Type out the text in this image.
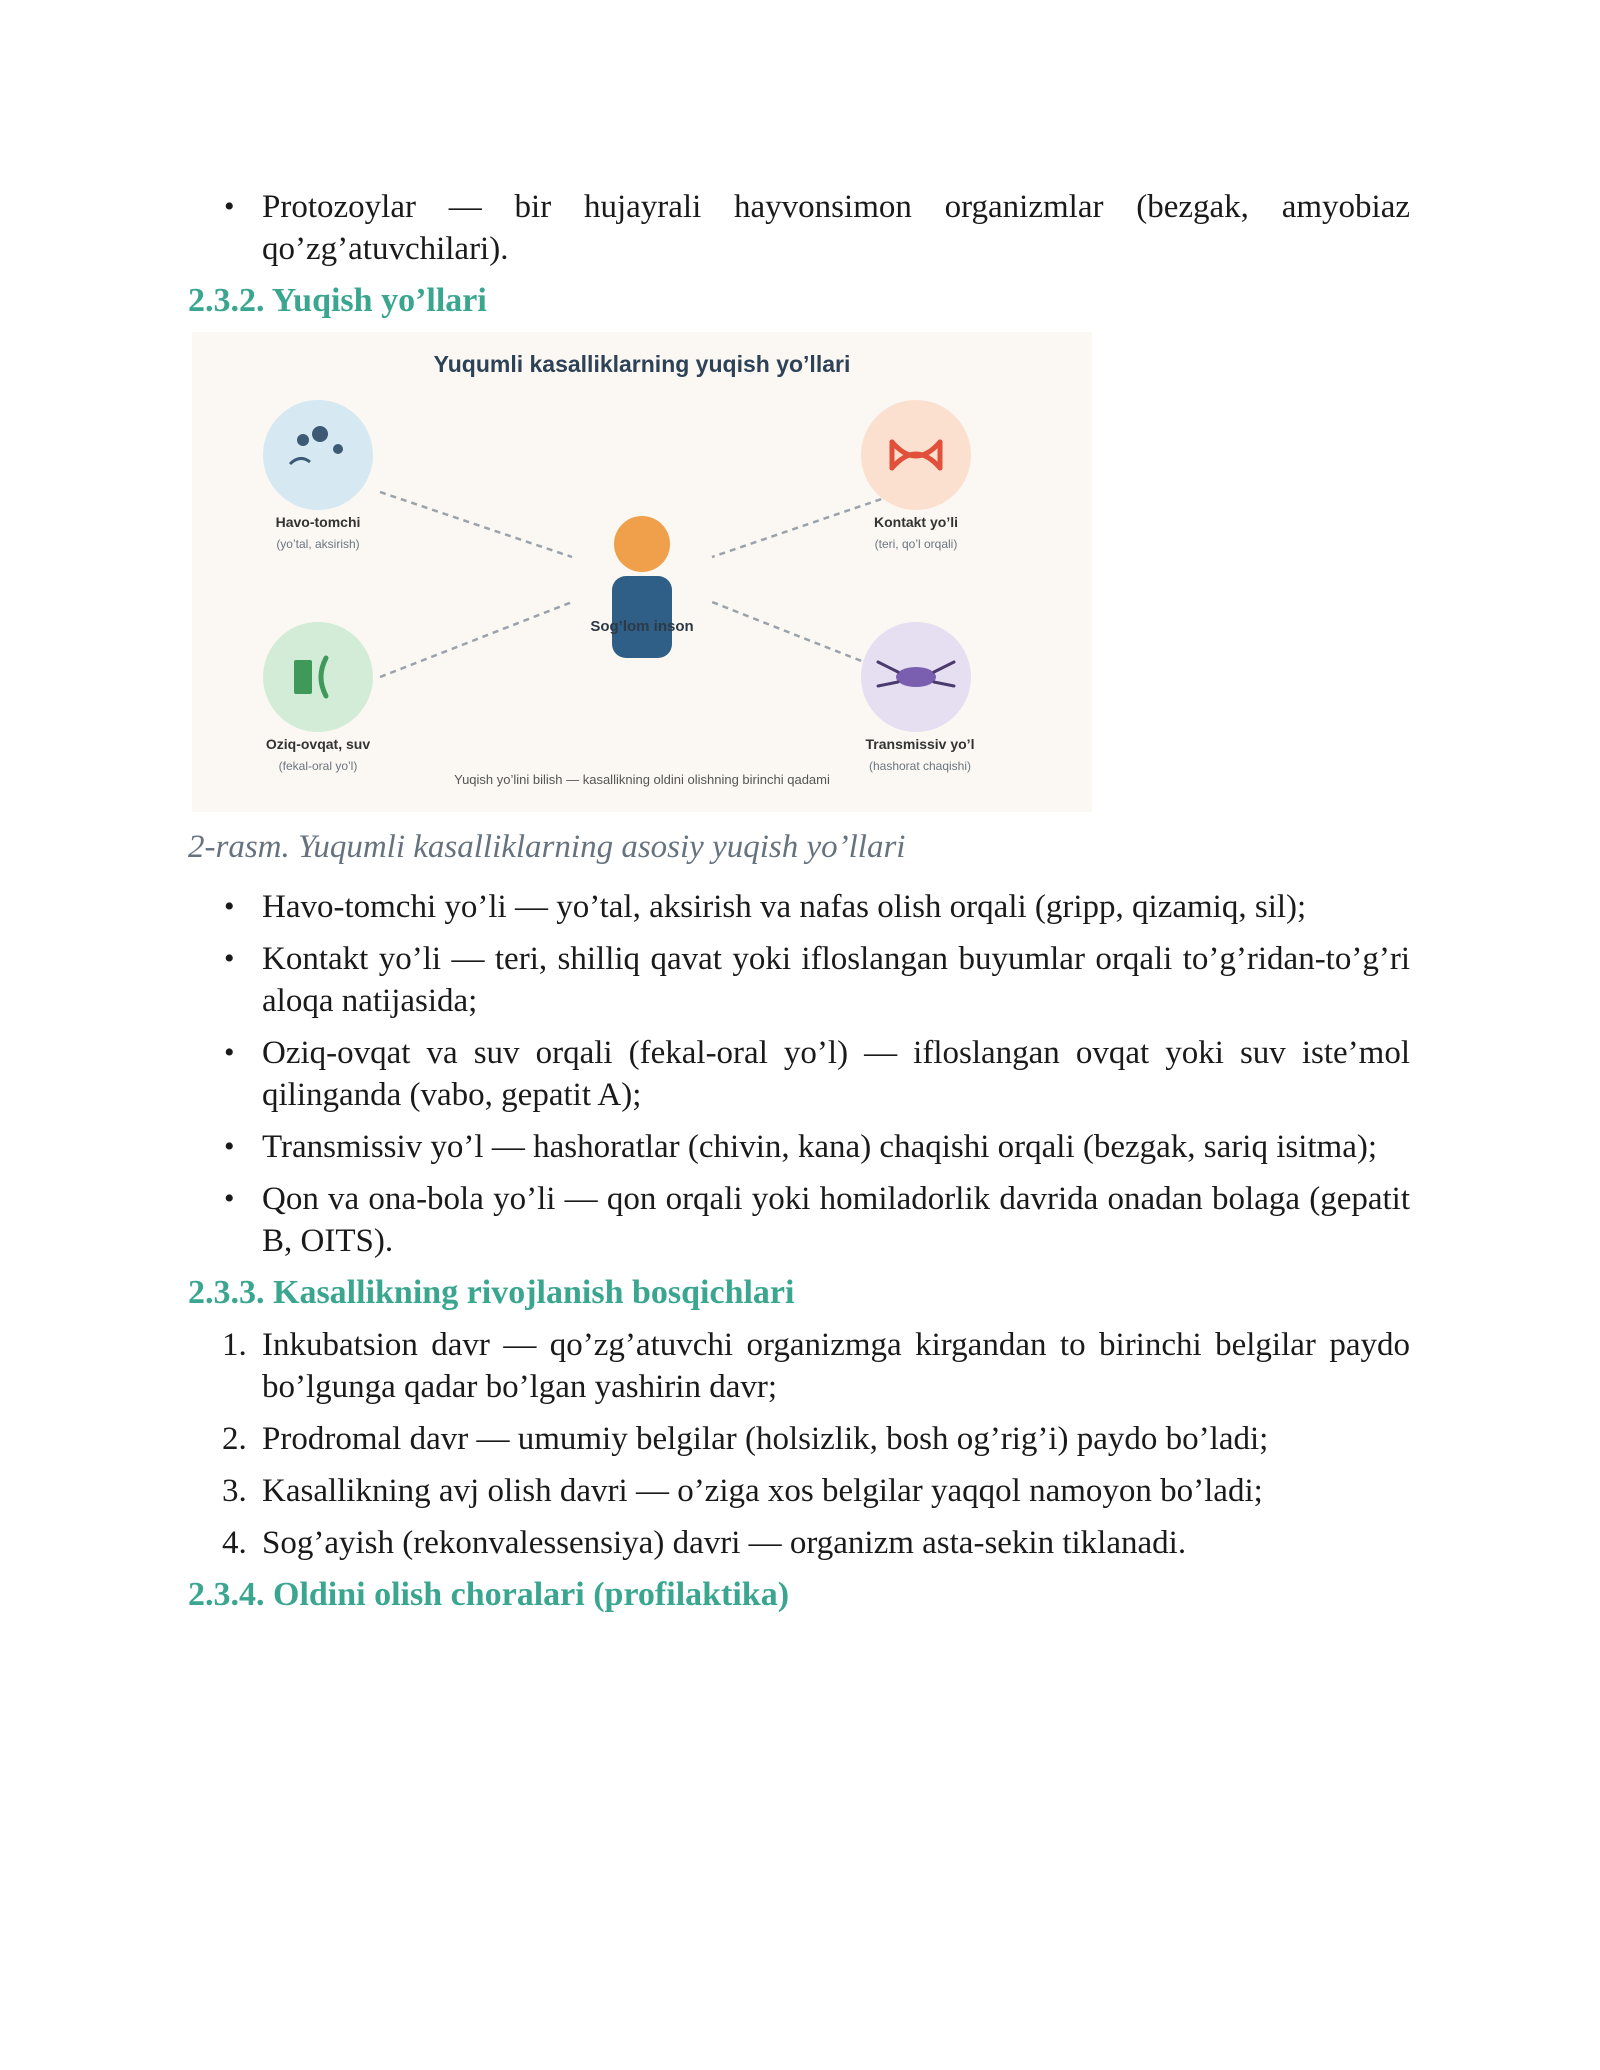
• Protozoylar — bir hujayrali hayvonsimon organizmlar (bezgak, amyobiaz qo’zg’atuvchilari).
2.3.2. Yuqish yo’llari
Yuqumli kasalliklarning yuqish yo’llari
Havo-tomchi
(yo’tal, aksirish)
Kontakt yo’li
(teri, qo’l orqali)
Oziq-ovqat, suv
(fekal-oral yo’l)
Transmissiv yo’l
(hashorat chaqishi)
Sog’lom inson
Yuqish yo’lini bilish — kasallikning oldini olishning birinchi qadami
2-rasm. Yuqumli kasalliklarning asosiy yuqish yo’llari
• Havo-tomchi yo’li — yo’tal, aksirish va nafas olish orqali (gripp, qizamiq, sil);
• Kontakt yo’li — teri, shilliq qavat yoki ifloslangan buyumlar orqali to’g’ridan-to’g’ri aloqa natijasida;
• Oziq-ovqat va suv orqali (fekal-oral yo’l) — ifloslangan ovqat yoki suv iste’mol qilinganda (vabo, gepatit A);
• Transmissiv yo’l — hashoratlar (chivin, kana) chaqishi orqali (bezgak, sariq isitma);
• Qon va ona-bola yo’li — qon orqali yoki homiladorlik davrida onadan bolaga (gepatit B, OITS).
2.3.3. Kasallikning rivojlanish bosqichlari
1. Inkubatsion davr — qo’zg’atuvchi organizmga kirgandan to birinchi belgilar paydo bo’lgunga qadar bo’lgan yashirin davr;
2. Prodromal davr — umumiy belgilar (holsizlik, bosh og’rig’i) paydo bo’ladi;
3. Kasallikning avj olish davri — o’ziga xos belgilar yaqqol namoyon bo’ladi;
4. Sog’ayish (rekonvalessensiya) davri — organizm asta-sekin tiklanadi.
2.3.4. Oldini olish choralari (profilaktika)
